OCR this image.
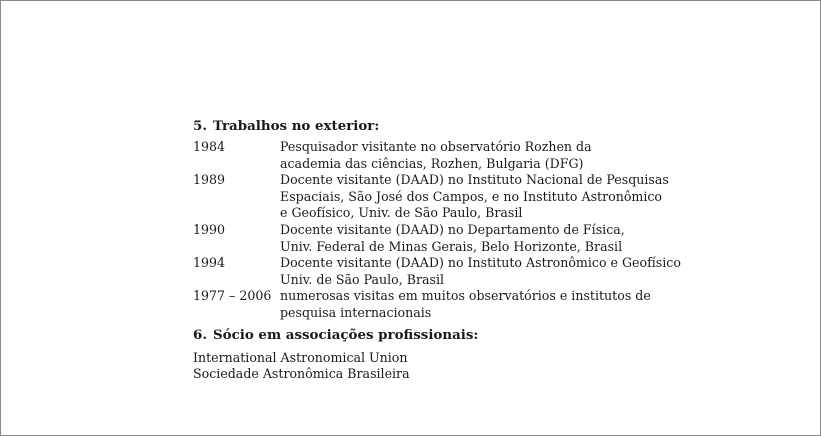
5. Trabalhos no exterior:
1984	Pesquisador visitante no observatório Rozhen da
academia das ciências, Rozhen, Bulgaria (DFG)
1989	Docente visitante (DAAD) no Instituto Nacional de Pesquisas
Espaciais, São José dos Campos, e no Instituto Astronômico
e Geofísico, Univ. de São Paulo, Brasil
1990	Docente visitante (DAAD) no Departamento de Física,
Univ. Federal de Minas Gerais, Belo Horizonte, Brasil
1994	Docente visitante (DAAD) no Instituto Astronômico e Geofísico
Univ. de São Paulo, Brasil
1977 – 2006 numerosas visitas em muitos observatórios e institutos de
pesquisa internacionais
6. Sócio em associações profissionais:
International Astronomical Union
Sociedade Astronômica Brasileira
